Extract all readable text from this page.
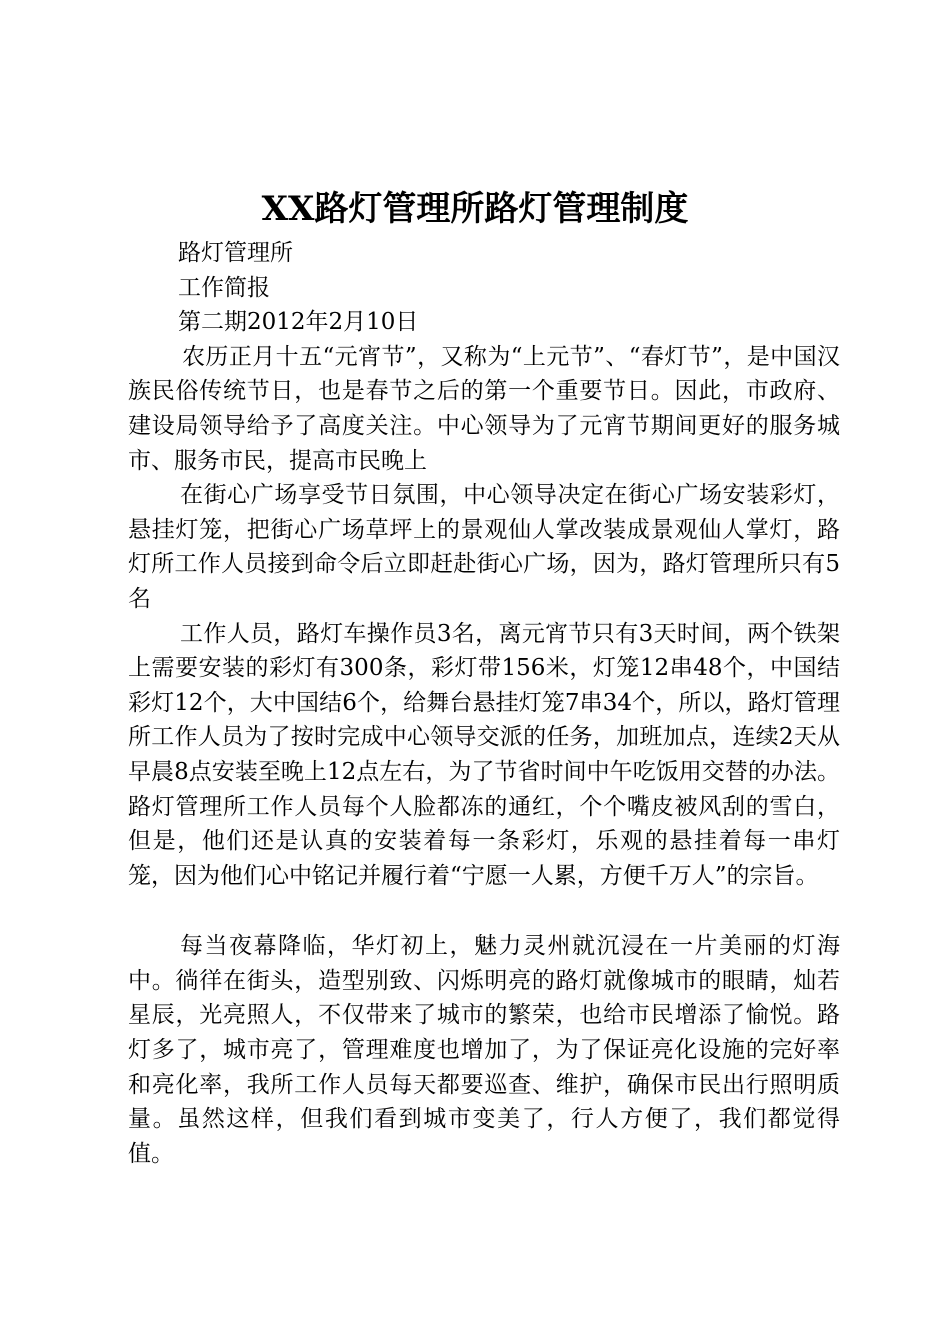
XX路灯管理所路灯管理制度
路灯管理所
工作简报
第二期2012年2月10日

农历正月十五“元宵节”，又称为“上元节”、“春灯节”，是中国汉族民俗传统节日，也是春节之后的第一个重要节日。因此，市政府、建设局领导给予了高度关注。中心领导为了元宵节期间更好的服务城市、服务市民，提高市民晚上

在街心广场享受节日氛围，中心领导决定在街心广场安装彩灯，悬挂灯笼，把街心广场草坪上的景观仙人掌改装成景观仙人掌灯，路灯所工作人员接到命令后立即赶赴街心广场，因为，路灯管理所只有5名

工作人员，路灯车操作员3名，离元宵节只有3天时间，两个铁架上需要安装的彩灯有300条，彩灯带156米，灯笼12串48个，中国结彩灯12个，大中国结6个，给舞台悬挂灯笼7串34个，所以，路灯管理所工作人员为了按时完成中心领导交派的任务，加班加点，连续2天从早晨8点安装至晚上12点左右，为了节省时间中午吃饭用交替的办法。路灯管理所工作人员每个人脸都冻的通红，个个嘴皮被风刮的雪白，但是，他们还是认真的安装着每一条彩灯，乐观的悬挂着每一串灯笼，因为他们心中铭记并履行着“宁愿一人累，方便千万人”的宗旨。

每当夜幕降临，华灯初上，魅力灵州就沉浸在一片美丽的灯海中。徜徉在街头，造型别致、闪烁明亮的路灯就像城市的眼睛，灿若星辰，光亮照人，不仅带来了城市的繁荣，也给市民增添了愉悦。路灯多了，城市亮了，管理难度也增加了，为了保证亮化设施的完好率和亮化率，我所工作人员每天都要巡查、维护，确保市民出行照明质量。虽然这样，但我们看到城市变美了，行人方便了，我们都觉得值。
